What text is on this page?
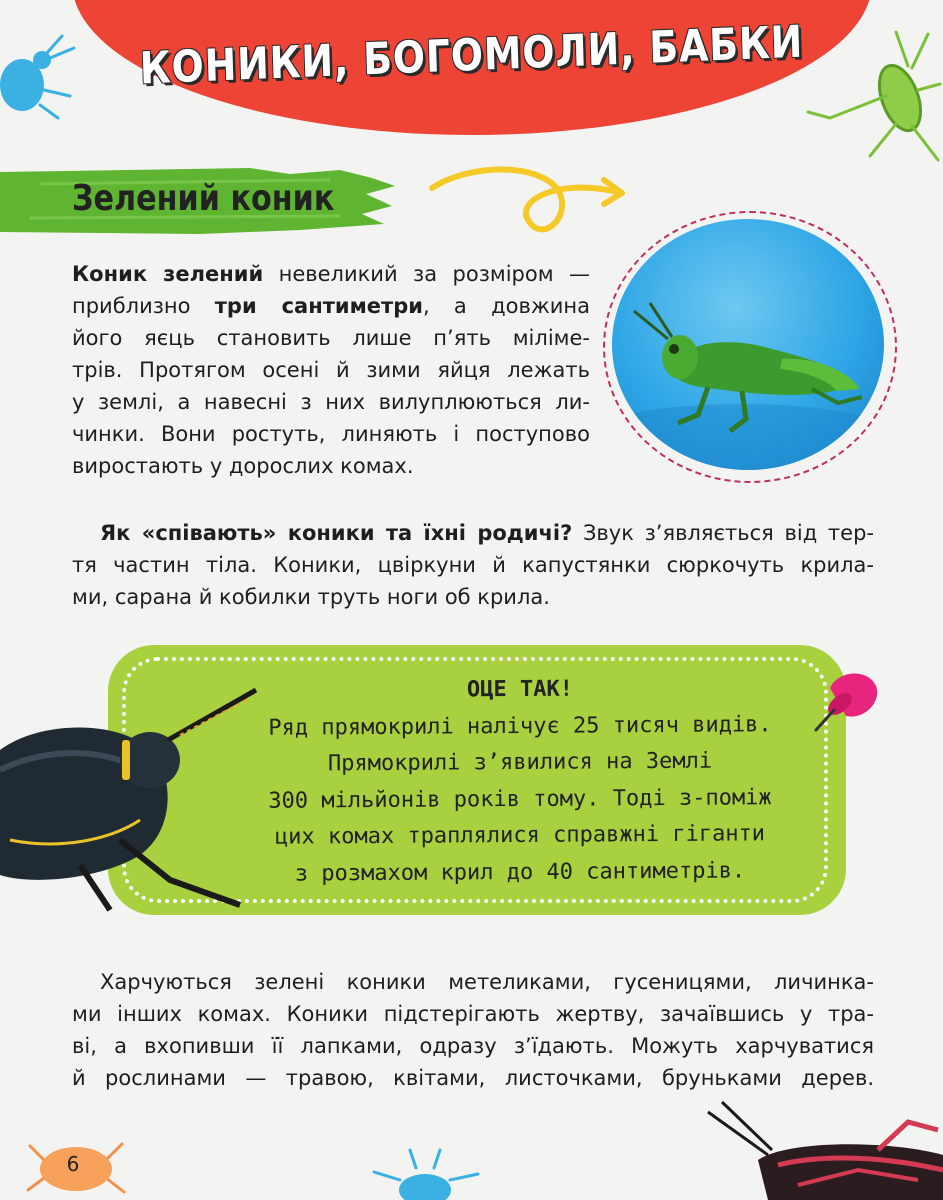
КОНИКИ, БОГОМОЛИ, БАБКИ
Зелений коник

Коник зелений невеликий за розміром —
приблизно три сантиметри, а довжина
його яєць становить лише п’ять міліме-
трів. Протягом осені й зими яйця лежать
у землі, а навесні з них вилуплюються ли-
чинки. Вони ростуть, линяють і поступово
виростають у дорослих комах.

Як «співають» коники та їхні родичі? Звук з’являється від тер-
тя частин тіла. Коники, цвіркуни й капустянки сюркочуть крила-
ми, сарана й кобилки труть ноги об крила.

ОЦЕ ТАК!
Ряд прямокрилі налічує 25 тисяч видів.
Прямокрилі з’явилися на Землі
300 мільйонів років тому. Тоді з-поміж
цих комах траплялися справжні гіганти
з розмахом крил до 40 сантиметрів.

Харчуються зелені коники метеликами, гусеницями, личинка-
ми інших комах. Коники підстерігають жертву, зачаївшись у тра-
ві, а вхопивши її лапками, одразу з’їдають. Можуть харчуватися
й рослинами — травою, квітами, листочками, бруньками дерев.

6
